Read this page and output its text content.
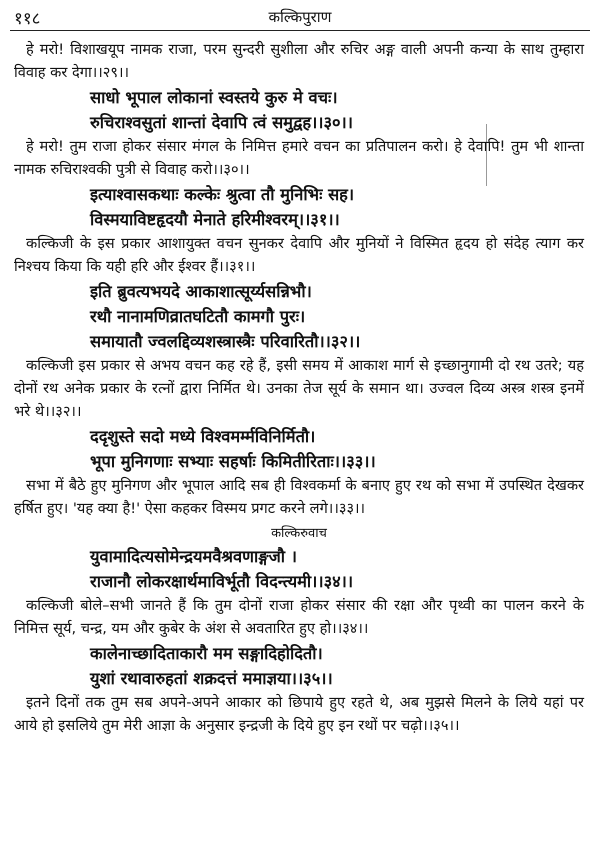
११८	कल्किपुराण

हे मरो! विशाखयूप नामक राजा, परम सुन्दरी सुशीला और रुचिर अङ्ग वाली अपनी कन्या के साथ तुम्हारा विवाह कर देगा।।२९।।

साधो भूपाल लोकानां स्वस्तये कुरु मे वचः।

रुचिराश्वसुतां शान्तां देवापि त्वं समुद्वह।।३०।।

हे मरो! तुम राजा होकर संसार मंगल के निमित्त हमारे वचन का प्रतिपालन करो। हे देवापि! तुम भी शान्ता नामक रुचिराश्वकी पुत्री से विवाह करो।।३०।।

इत्याश्वासकथाः कल्केः श्रुत्वा तौ मुनिभिः सह।

विस्मयाविष्टहृदयौ मेनाते हरिमीश्वरम्।।३१।।

कल्किजी के इस प्रकार आशायुक्त वचन सुनकर देवापि और मुनियों ने विस्मित हृदय हो संदेह त्याग कर निश्चय किया कि यही हरि और ईश्वर हैं।।३१।।

इति ब्रुवत्यभयदे आकाशात्सूर्य्यसन्निभौ।

रथौ नानामणिव्रातघटितौ कामगौ पुरः।

समायातौ ज्वलद्दिव्यशस्त्रास्त्रैः परिवारितौ।।३२।।

कल्किजी इस प्रकार से अभय वचन कह रहे हैं, इसी समय में आकाश मार्ग से इच्छानुगामी दो रथ उतरे; यह दोनों रथ अनेक प्रकार के रत्नों द्वारा निर्मित थे। उनका तेज सूर्य के समान था। उज्वल दिव्य अस्त्र शस्त्र इनमें भरे थे।।३२।।

ददृशुस्ते सदो मध्ये विश्वमर्म्मविनिर्मितौ।

भूपा मुनिगणाः सभ्याः सहर्षाः किमितीरिताः।।३३।।

सभा में बैठे हुए मुनिगण और भूपाल आदि सब ही विश्वकर्मा के बनाए हुए रथ को सभा में उपस्थित देखकर हर्षित हुए। 'यह क्या है!' ऐसा कहकर विस्मय प्रगट करने लगे।।३३।।

कल्किरुवाच

युवामादित्यसोमेन्द्रयमवैश्रवणाङ्गजौ ।

राजानौ लोकरक्षार्थमाविर्भूतौ विदन्त्यमी।।३४।।

कल्किजी बोले–सभी जानते हैं कि तुम दोनों राजा होकर संसार की रक्षा और पृथ्वी का पालन करने के निमित्त सूर्य, चन्द्र, यम और कुबेर के अंश से अवतारित हुए हो।।३४।।

कालेनाच्छादिताकारौ मम सङ्गादिहोदितौ।

युशां रथावारुहतां शक्रदत्तं ममाज्ञया।।३५।।

इतने दिनों तक तुम सब अपने-अपने आकार को छिपाये हुए रहते थे, अब मुझसे मिलने के लिये यहां पर आये हो इसलिये तुम मेरी आज्ञा के अनुसार इन्द्रजी के दिये हुए इन रथों पर चढ़ो।।३५।।
